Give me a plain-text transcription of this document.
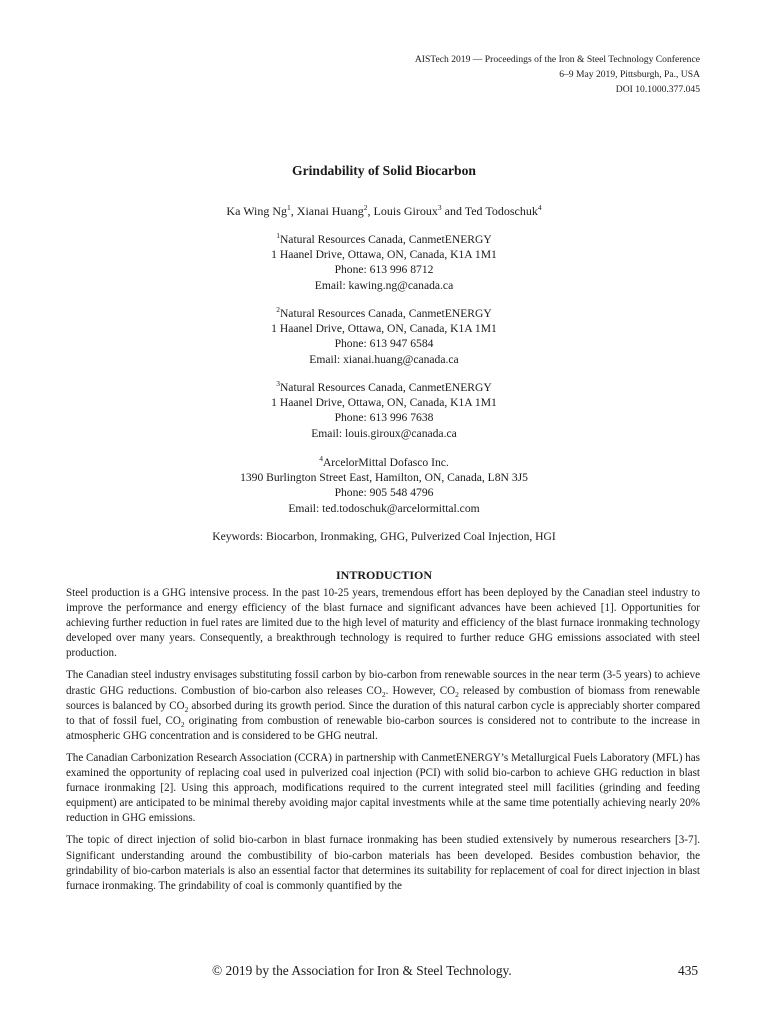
AISTech 2019 — Proceedings of the Iron & Steel Technology Conference
6–9 May 2019, Pittsburgh, Pa., USA
DOI 10.1000.377.045
Grindability of Solid Biocarbon
Ka Wing Ng$^1$, Xianai Huang$^2$, Louis Giroux$^3$ and Ted Todoschuk$^4$
$^1$Natural Resources Canada, CanmetENERGY
1 Haanel Drive, Ottawa, ON, Canada, K1A 1M1
Phone: 613 996 8712
Email: kawing.ng@canada.ca
$^2$Natural Resources Canada, CanmetENERGY
1 Haanel Drive, Ottawa, ON, Canada, K1A 1M1
Phone: 613 947 6584
Email: xianai.huang@canada.ca
$^3$Natural Resources Canada, CanmetENERGY
1 Haanel Drive, Ottawa, ON, Canada, K1A 1M1
Phone: 613 996 7638
Email: louis.giroux@canada.ca
$^4$ArcelorMittal Dofasco Inc.
1390 Burlington Street East, Hamilton, ON, Canada, L8N 3J5
Phone: 905 548 4796
Email: ted.todoschuk@arcelormittal.com
Keywords: Biocarbon, Ironmaking, GHG, Pulverized Coal Injection, HGI
INTRODUCTION

Steel production is a GHG intensive process. In the past 10-25 years, tremendous effort has been deployed by the Canadian steel industry to improve the performance and energy efficiency of the blast furnace and significant advances have been achieved [1]. Opportunities for achieving further reduction in fuel rates are limited due to the high level of maturity and efficiency of the blast furnace ironmaking technology developed over many years. Consequently, a breakthrough technology is required to further reduce GHG emissions associated with steel production.

The Canadian steel industry envisages substituting fossil carbon by bio-carbon from renewable sources in the near term (3-5 years) to achieve drastic GHG reductions. Combustion of bio-carbon also releases $CO_2$. However, $CO_2$ released by combustion of biomass from renewable sources is balanced by $CO_2$ absorbed during its growth period. Since the duration of this natural carbon cycle is appreciably shorter compared to that of fossil fuel, $CO_2$ originating from combustion of renewable bio-carbon sources is considered not to contribute to the increase in atmospheric GHG concentration and is considered to be GHG neutral.

The Canadian Carbonization Research Association (CCRA) in partnership with CanmetENERGY’s Metallurgical Fuels Laboratory (MFL) has examined the opportunity of replacing coal used in pulverized coal injection (PCI) with solid bio-carbon to achieve GHG reduction in blast furnace ironmaking [2]. Using this approach, modifications required to the current integrated steel mill facilities (grinding and feeding equipment) are anticipated to be minimal thereby avoiding major capital investments while at the same time potentially achieving nearly 20% reduction in GHG emissions.

The topic of direct injection of solid bio-carbon in blast furnace ironmaking has been studied extensively by numerous researchers [3-7]. Significant understanding around the combustibility of bio-carbon materials has been developed. Besides combustion behavior, the grindability of bio-carbon materials is also an essential factor that determines its suitability for replacement of coal for direct injection in blast furnace ironmaking. The grindability of coal is commonly quantified by the

© 2019 by the Association for Iron & Steel Technology.	435
